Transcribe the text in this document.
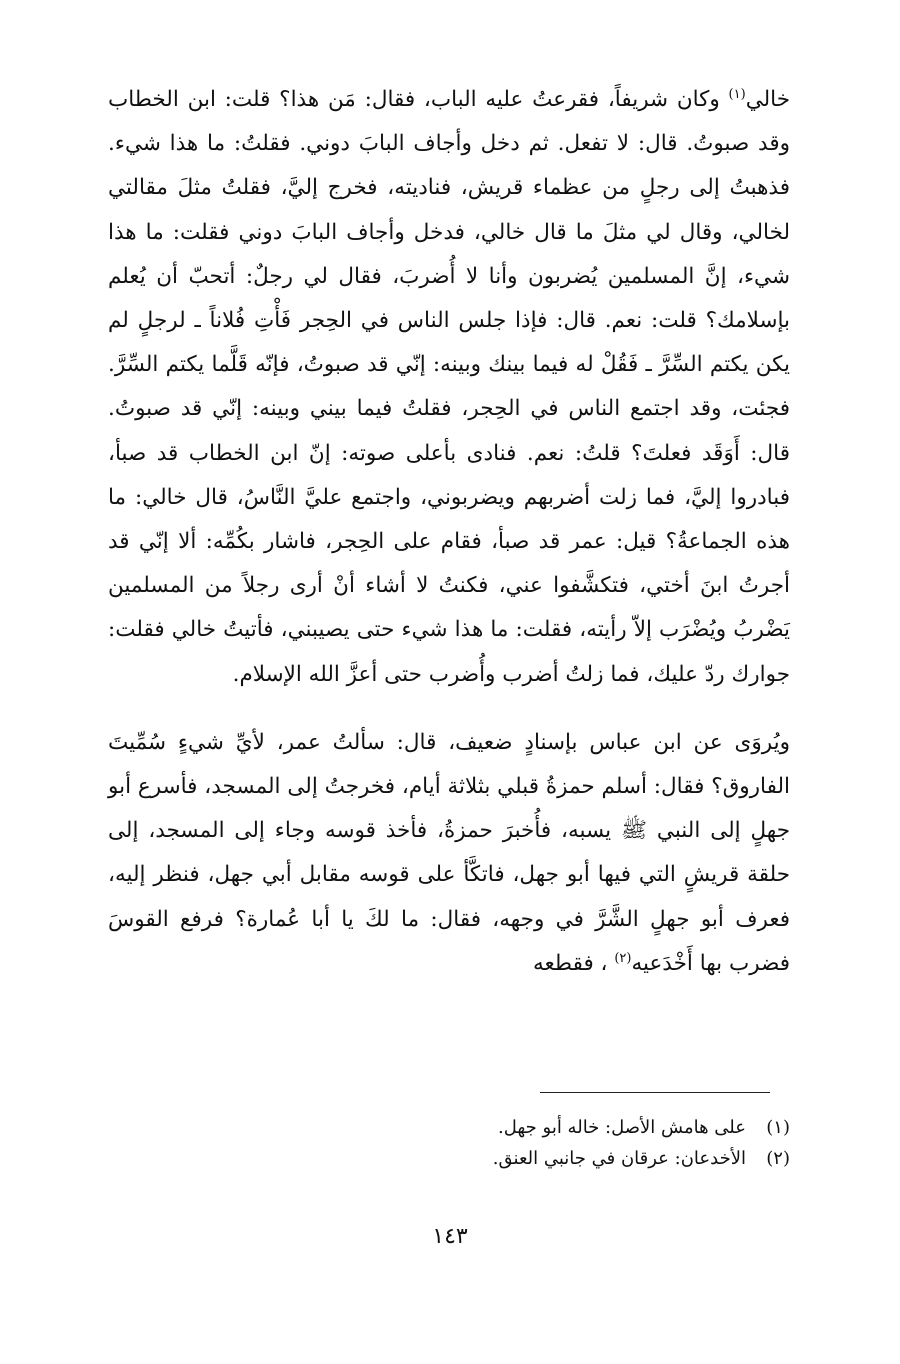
خالي$^{(١)}$ وكان شريفاً، فقرعتُ عليه الباب، فقال: مَن هذا؟ قلت: ابن الخطاب وقد صبوتُ. قال: لا تفعل. ثم دخل وأجاف البابَ دوني. فقلتُ: ما هذا شيء. فذهبتُ إلى رجلٍ من عظماء قريش، فناديته، فخرج إليَّ، فقلتُ مثلَ مقالتي لخالي، وقال لي مثلَ ما قال خالي، فدخل وأجاف البابَ دوني فقلت: ما هذا شيء، إنَّ المسلمين يُضربون وأنا لا أُضربَ، فقال لي رجلٌ: أتحبّ أن يُعلم بإسلامك؟ قلت: نعم. قال: فإذا جلس الناس في الحِجر فَأْتِ فُلاناً ـ لرجلٍ لم يكن يكتم السِّرَّ ـ فَقُلْ له فيما بينك وبينه: إنّي قد صبوتُ، فإنّه قَلَّما يكتم السِّرَّ. فجئت، وقد اجتمع الناس في الحِجر، فقلتُ فيما بيني وبينه: إنّي قد صبوتُ. قال: أَوَقَد فعلتَ؟ قلتُ: نعم. فنادى بأعلى صوته: إنّ ابن الخطاب قد صبأ، فبادروا إليَّ، فما زلت أضربهم ويضربوني، واجتمع عليَّ النَّاسُ، قال خالي: ما هذه الجماعةُ؟ قيل: عمر قد صبأ، فقام على الحِجر، فاشار بكُمِّه: ألا إنّي قد أجرتُ ابنَ أختي، فتكشَّفوا عني، فكنتُ لا أشاء أنْ أرى رجلاً من المسلمين يَضْربُ ويُضْرَب إلاّ رأيته، فقلت: ما هذا شيء حتى يصيبني، فأتيتُ خالي فقلت: جوارك ردّ عليك، فما زلتُ أضرب وأُضرب حتى أعزَّ الله الإسلام.
ويُروَى عن ابن عباس بإسنادٍ ضعيف، قال: سألتُ عمر، لأيِّ شيءٍ سُمِّيتَ الفاروق؟ فقال: أسلم حمزةُ قبلي بثلاثة أيام، فخرجتُ إلى المسجد، فأسرع أبو جهلٍ إلى النبي ﷺ يسبه، فأُخبرَ حمزةُ، فأخذ قوسه وجاء إلى المسجد، إلى حلقة قريشٍ التي فيها أبو جهل، فاتكَّأ على قوسه مقابل أبي جهل، فنظر إليه، فعرف أبو جهلٍ الشَّرَّ في وجهه، فقال: ما لكَ يا أبا عُمارة؟ فرفع القوسَ فضرب بها أَخْدَعيه$^{(٢)}$ ، فقطعه
(١)على هامش الأصل: خاله أبو جهل.
(٢)الأخدعان: عرقان في جانبي العنق.
١٤٣
